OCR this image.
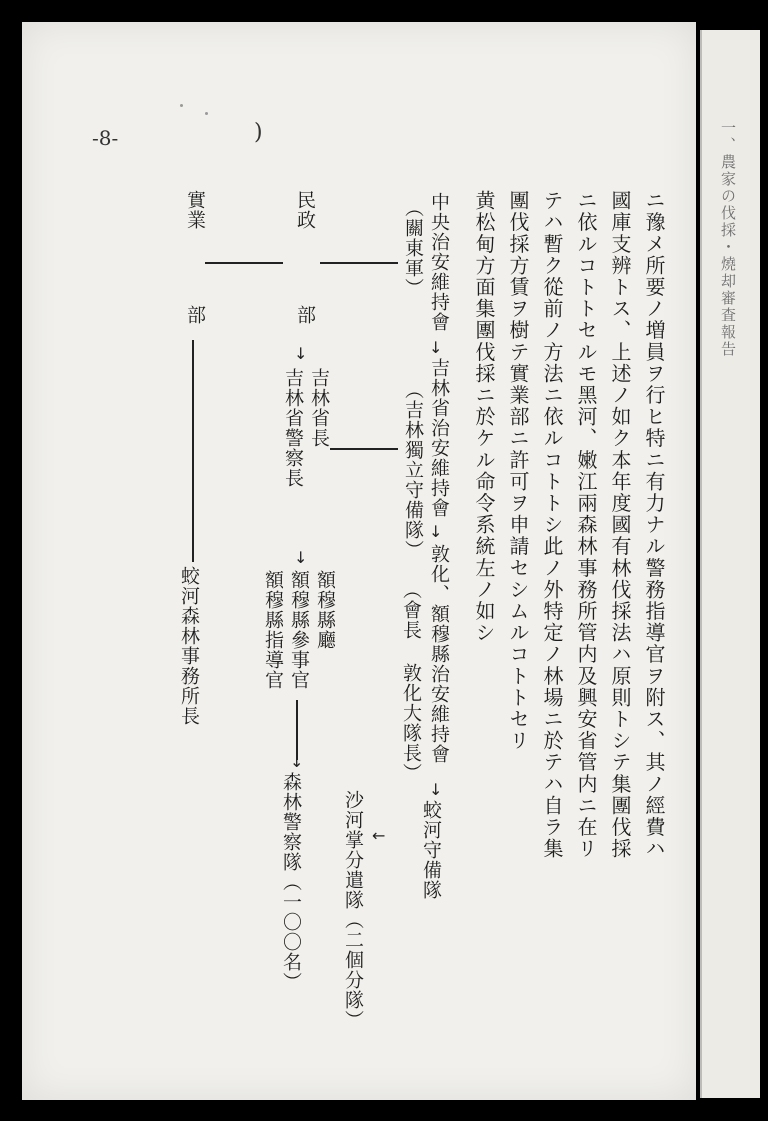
一、農家の伐採・燒却審査報告
-8-	)
ニ豫メ所要ノ増員ヲ行ヒ特ニ有力ナル警務指導官ヲ附ス、其ノ經費ハ
國庫支辨トス、上述ノ如ク本年度國有林伐採法ハ原則トシテ集團伐採
ニ依ルコトトセルモ黑河、嫩江兩森林事務所管内及興安省管内ニ在リ
テハ暫ク從前ノ方法ニ依ルコトトシ此ノ外特定ノ林場ニ於テハ自ラ集
團伐採方賃ヲ樹テ實業部ニ許可ヲ申請セシムルコトトセリ
黄松甸方面集團伐採ニ於ケル命令系統左ノ如シ
中央治安維持會
（關東軍）
↓
吉林省治安維持會
（吉林獨立守備隊） ↓
敦化、額穆縣治安維持會
（會長 敦化大隊長）
↓
蛟河守備隊
←
沙河掌分遣隊（二個分隊）
民政
部
↓
吉林省長
吉林省警察長
↓
額穆縣廳
額穆縣參事官
額穆縣指導官
↓
森林警察隊（一〇〇名）
實業
部
蛟河森林事務所長
